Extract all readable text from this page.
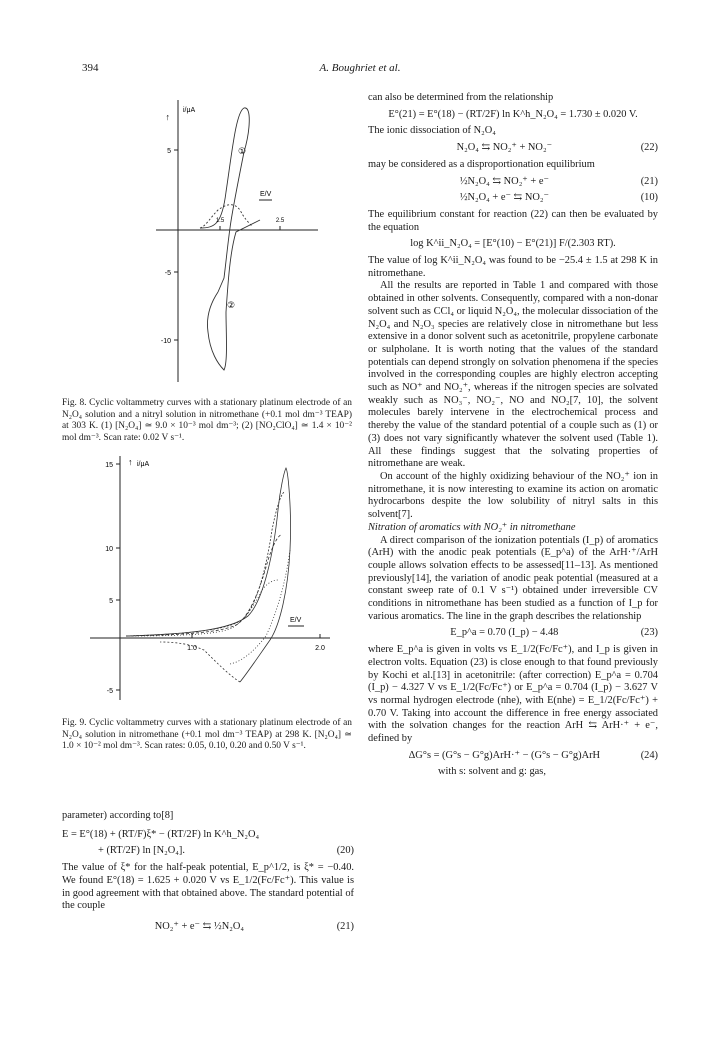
394	A. Boughriet et al.
↑
i/μA
E/V
5
-5
-10
1.5	2.5
①
②
Fig. 8. Cyclic voltammetry curves with a stationary platinum electrode of an N₂O₄ solution and a nitryl solution in nitromethane (+0.1 mol dm⁻³ TEAP) at 303 K. (1) [N₂O₄] ≃ 9.0 × 10⁻³ mol dm⁻³; (2) [NO₂ClO₄] ≃ 1.4 × 10⁻² mol dm⁻³. Scan rate: 0.02 V s⁻¹.
↑ i/μA
E/V
15
10
5
-5
1.0	2.0
Fig. 9. Cyclic voltammetry curves with a stationary platinum electrode of an N₂O₄ solution in nitromethane (+0.1 mol dm⁻³ TEAP) at 298 K. [N₂O₄] ≃ 1.0 × 10⁻² mol dm⁻³. Scan rates: 0.05, 0.10, 0.20 and 0.50 V s⁻¹.

parameter) according to[8]

E = E°(18) + (RT/F)ξ* − (RT/2F) ln K^h_N₂O₄
+ (RT/2F) ln [N₂O₄].	(20)

The value of ξ* for the half-peak potential, E_p^1/2, is ξ* = −0.40. We found E°(18) = 1.625 + 0.020 V vs E_1/2(Fc/Fc⁺). This value is in good agreement with that obtained above. The standard potential of the couple

NO₂⁺ + e⁻ ⇆ ½N₂O₄	(21)

can also be determined from the relationship

E°(21) = E°(18) − (RT/2F) ln K^h_N₂O₄ = 1.730 ± 0.020 V.

The ionic dissociation of N₂O₄

N₂O₄ ⇆ NO₂⁺ + NO₂⁻	(22)

may be considered as a disproportionation equilibrium

½N₂O₄ ⇆ NO₂⁺ + e⁻	(21)
½N₂O₄ + e⁻ ⇆ NO₂⁻	(10)

The equilibrium constant for reaction (22) can then be evaluated by the equation

log K^ii_N₂O₄ = [E°(10) − E°(21)] F/(2.303 RT).

The value of log K^ii_N₂O₄ was found to be −25.4 ± 1.5 at 298 K in nitromethane.

All the results are reported in Table 1 and compared with those obtained in other solvents. Consequently, compared with a non-donar solvent such as CCl₄ or liquid N₂O₄, the molecular dissociation of the N₂O₄ and N₂O₃ species are relatively close in nitromethane but less extensive in a donor solvent such as acetonitrile, propylene carbonate or sulpholane. It is worth noting that the values of the standard potentials can depend strongly on solvation phenomena if the species involved in the corresponding couples are highly electron accepting such as NO⁺ and NO₂⁺, whereas if the nitrogen species are solvated weakly such as NO₃⁻, NO₂⁻, NO and NO₂[7, 10], the solvent molecules barely intervene in the electrochemical process and thereby the value of the standard potential of a couple such as (1) or (3) does not vary significantly whatever the solvent used (Table 1). All these findings suggest that the solvating properties of nitromethane are weak.

On account of the highly oxidizing behaviour of the NO₂⁺ ion in nitromethane, it is now interesting to examine its action on aromatic hydrocarbons despite the low solubility of nitryl salts in this solvent[7].

Nitration of aromatics with NO₂⁺ in nitromethane

A direct comparison of the ionization potentials (I_p) of aromatics (ArH) with the anodic peak potentials (E_p^a) of the ArH·⁺/ArH couple allows solvation effects to be assessed[11–13]. As mentioned previously[14], the variation of anodic peak potential (measured at a constant sweep rate of 0.1 V s⁻¹) obtained under irreversible CV conditions in nitromethane has been studied as a function of I_p for various aromatics. The line in the graph describes the relationship

E_p^a = 0.70 (I_p) − 4.48	(23)

where E_p^a is given in volts vs E_1/2(Fc/Fc⁺), and I_p is given in electron volts. Equation (23) is close enough to that found previously by Kochi et al.[13] in acetonitrile: (after correction) E_p^a = 0.704 (I_p) − 4.327 V vs E_1/2(Fc/Fc⁺) or E_p^a = 0.704 (I_p) − 3.627 V vs normal hydrogen electrode (nhe), with E(nhe) = E_1/2(Fc/Fc⁺) + 0.70 V. Taking into account the difference in free energy associated with the solvation changes for the reaction ArH ⇆ ArH·⁺ + e⁻, defined by

ΔG°s = (G°s − G°g)ArH·⁺ − (G°s − G°g)ArH	(24)

with s: solvent and g: gas,
